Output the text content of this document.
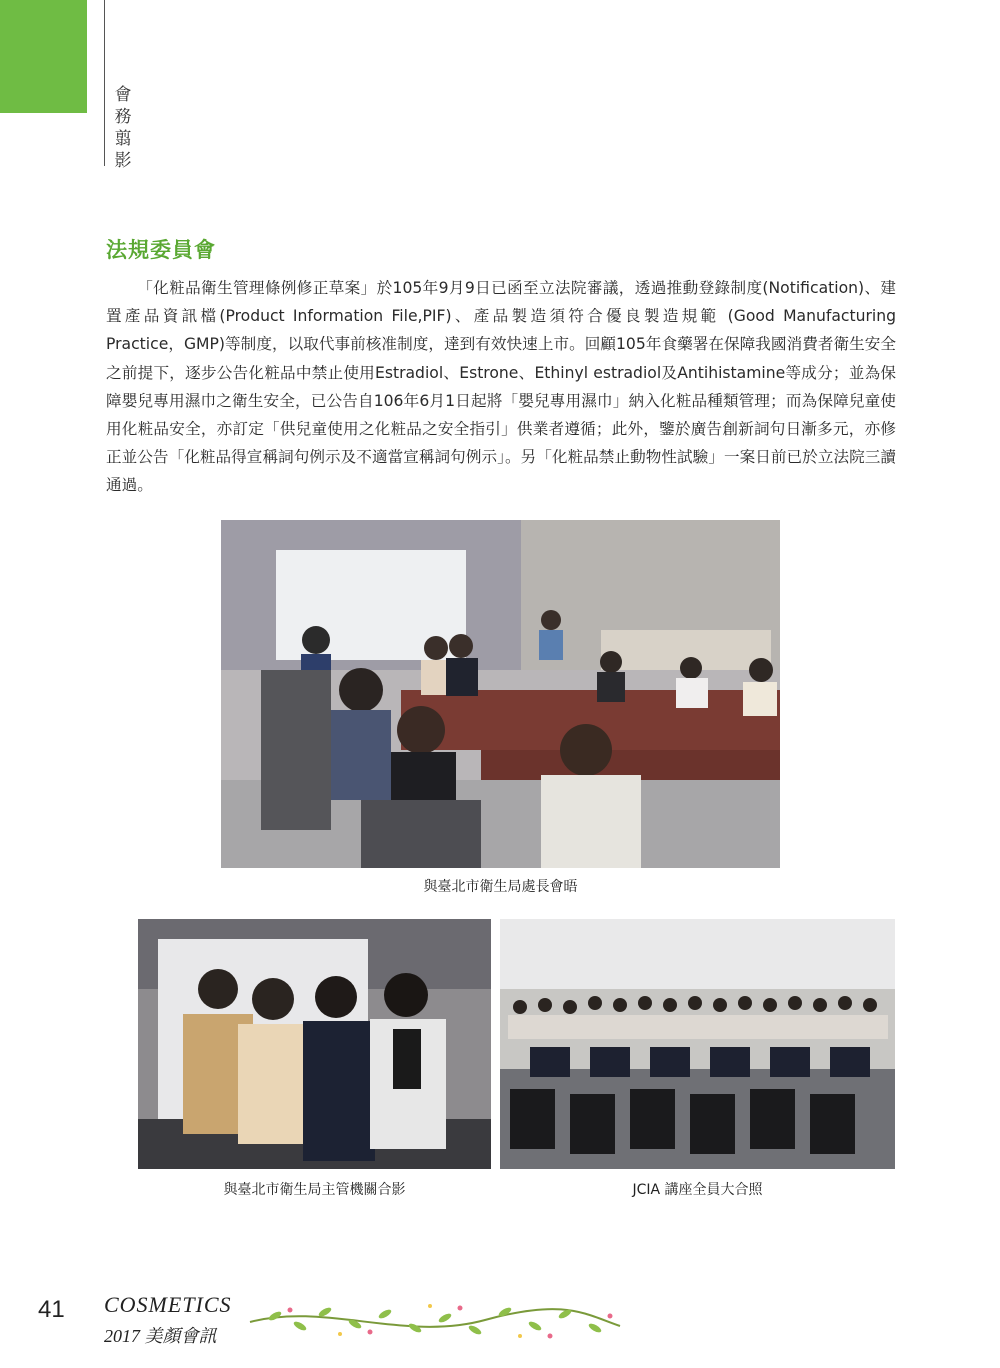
會務翦影
法規委員會

「化粧品衛生管理條例修正草案」於105年9月9日已函至立法院審議，透過推動登錄制度(Notification)、建置產品資訊檔(Product Information File,PIF)、產品製造須符合優良製造規範 (Good Manufacturing Practice，GMP)等制度，以取代事前核准制度，達到有效快速上市。回顧105年食藥署在保障我國消費者衛生安全之前提下，逐步公告化粧品中禁止使用Estradiol、Estrone、Ethinyl estradiol及Antihistamine等成分；並為保障嬰兒專用濕巾之衛生安全，已公告自106年6月1日起將「嬰兒專用濕巾」納入化粧品種類管理；而為保障兒童使用化粧品安全，亦訂定「供兒童使用之化粧品之安全指引」供業者遵循；此外，鑒於廣告創新詞句日漸多元，亦修正並公告「化粧品得宣稱詞句例示及不適當宣稱詞句例示」。另「化粧品禁止動物性試驗」一案日前已於立法院三讀通過。

與臺北市衛生局處長會晤
與臺北市衛生局主管機關合影	JCIA 講座全員大合照
41 COSMETICS
2017 美顏會訊
